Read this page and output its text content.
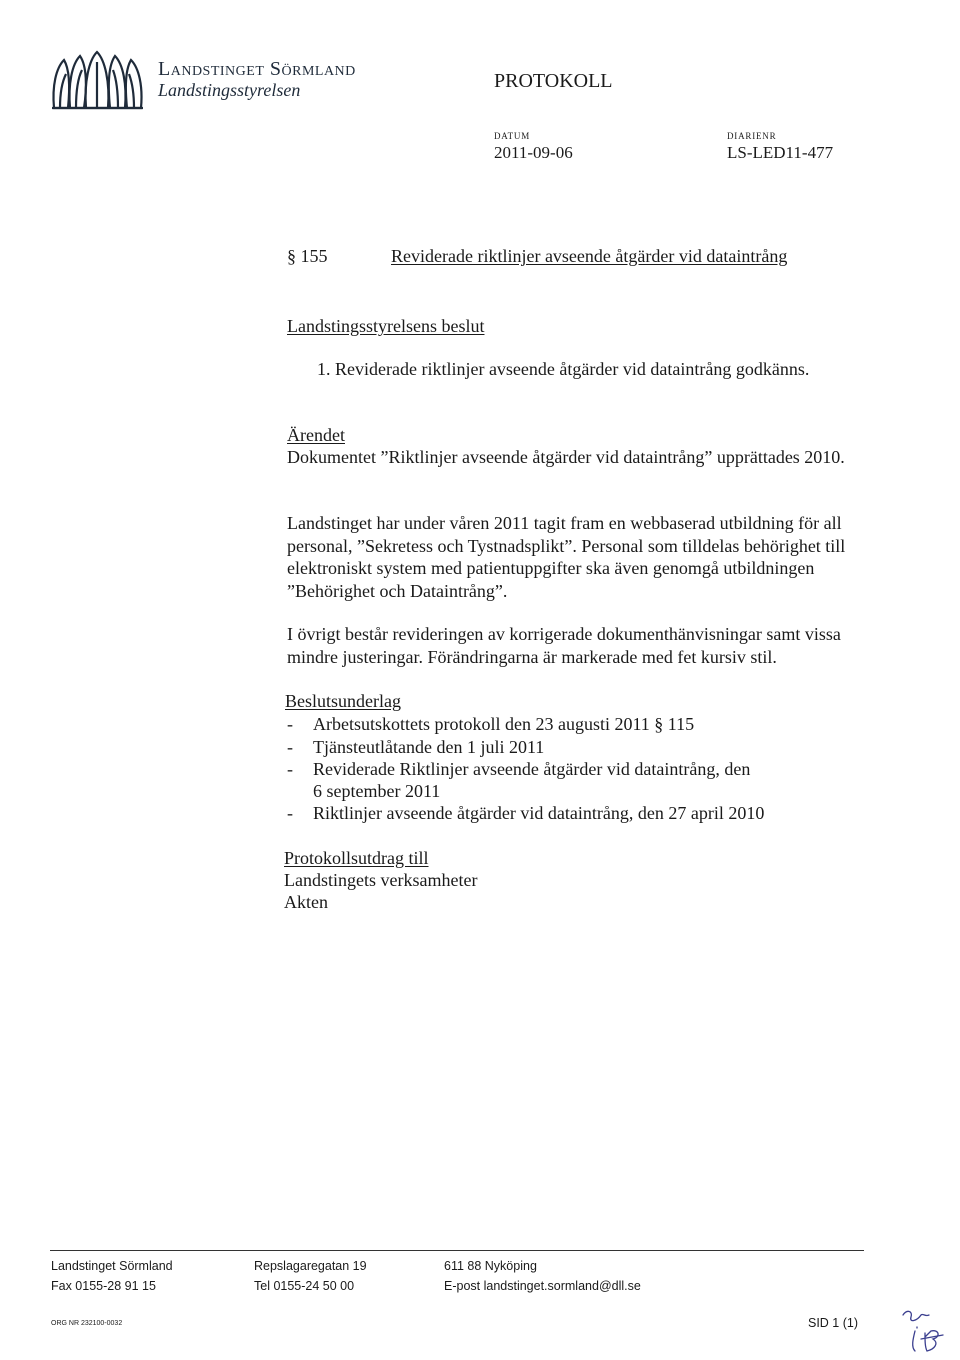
Landstinget Sörmland
Landstingsstyrelsen	PROTOKOLL
DATUM
2011-09-06
DIARIENR
LS-LED11-477
§ 155	Reviderade riktlinjer avseende åtgärder vid dataintrång
Landstingsstyrelsens beslut
1. Reviderade riktlinjer avseende åtgärder vid dataintrång godkänns.
Ärendet
Dokumentet ”Riktlinjer avseende åtgärder vid dataintrång” upprättades 2010.
Landstinget har under våren 2011 tagit fram en webbaserad utbildning för all personal, ”Sekretess och Tystnadsplikt”. Personal som tilldelas behörighet till elektroniskt system med patientuppgifter ska även genomgå utbildningen ”Behörighet och Dataintrång”.
I övrigt består revideringen av korrigerade dokumenthänvisningar samt vissa mindre justeringar. Förändringarna är markerade med fet kursiv stil.
Beslutsunderlag
- Arbetsutskottets protokoll den 23 augusti 2011 § 115
- Tjänsteutlåtande den 1 juli 2011
- Reviderade Riktlinjer avseende åtgärder vid dataintrång, den
6 september 2011
- Riktlinjer avseende åtgärder vid dataintrång, den 27 april 2010
Protokollsutdrag till
Landstingets verksamheter
Akten
Landstinget Sörmland
Fax 0155-28 91 15
Repslagaregatan 19
Tel 0155-24 50 00
611 88 Nyköping
E-post landstinget.sormland@dll.se
ORG NR 232100-0032	SID 1 (1)
